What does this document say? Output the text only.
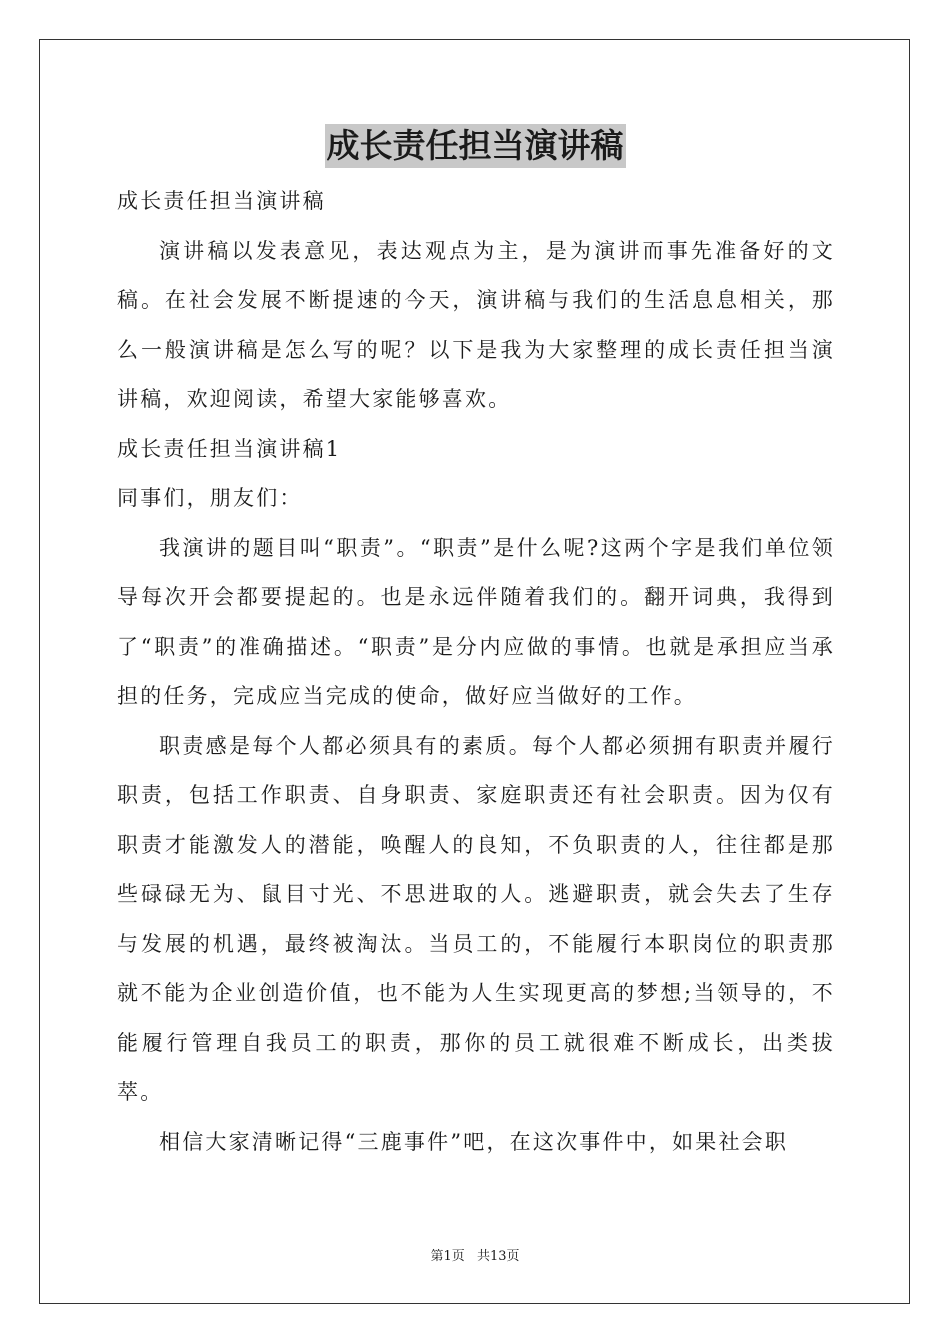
成长责任担当演讲稿
成长责任担当演讲稿

演讲稿以发表意见，表达观点为主，是为演讲而事先准备好的文稿。在社会发展不断提速的今天，演讲稿与我们的生活息息相关，那么一般演讲稿是怎么写的呢？以下是我为大家整理的成长责任担当演讲稿，欢迎阅读，希望大家能够喜欢。

成长责任担当演讲稿1
同事们，朋友们：

我演讲的题目叫“职责”。“职责”是什么呢?这两个字是我们单位领导每次开会都要提起的。也是永远伴随着我们的。翻开词典，我得到了“职责”的准确描述。“职责”是分内应做的事情。也就是承担应当承担的任务，完成应当完成的使命，做好应当做好的工作。

职责感是每个人都必须具有的素质。每个人都必须拥有职责并履行职责，包括工作职责、自身职责、家庭职责还有社会职责。因为仅有职责才能激发人的潜能，唤醒人的良知，不负职责的人，往往都是那些碌碌无为、鼠目寸光、不思进取的人。逃避职责，就会失去了生存与发展的机遇，最终被淘汰。当员工的，不能履行本职岗位的职责那就不能为企业创造价值，也不能为人生实现更高的梦想;当领导的，不能履行管理自我员工的职责，那你的员工就很难不断成长，出类拔萃。

相信大家清晰记得“三鹿事件”吧，在这次事件中，如果社会职

第1页 共13页
